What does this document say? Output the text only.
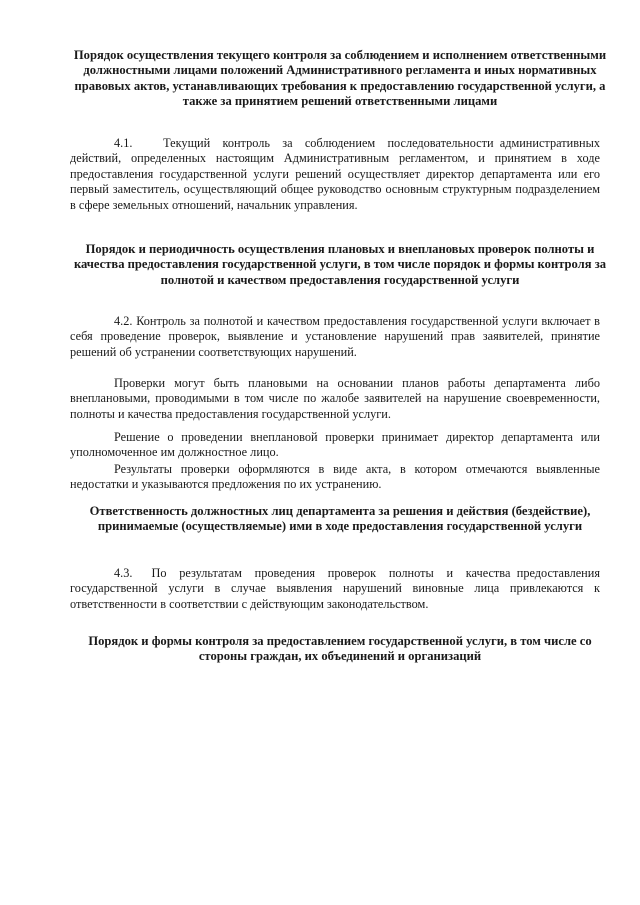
Порядок осуществления текущего контроля за соблюдением и исполнением ответственными должностными лицами положений Административного регламента и иных нормативных правовых актов, устанавливающих требования к предоставлению государственной услуги, а также за принятием решений ответственными лицами

4.1.     Текущий  контроль  за  соблюдением  последовательности административных действий, определенных настоящим Административным регламентом, и принятием в ходе предоставления государственной услуги решений осуществляет директор департамента или его первый заместитель, осуществляющий общее руководство основным структурным подразделением в сфере земельных отношений, начальник управления.

Порядок и периодичность осуществления плановых и внеплановых проверок полноты и качества предоставления государственной услуги, в том числе порядок и формы контроля за полнотой и качеством предоставления государственной услуги

4.2. Контроль за полнотой и качеством предоставления государственной услуги включает в себя проведение проверок, выявление и установление нарушений прав заявителей, принятие решений об устранении соответствующих нарушений.

Проверки могут быть плановыми на основании планов работы департамента либо внеплановыми, проводимыми в том числе по жалобе заявителей на нарушение своевременности, полноты и качества предоставления государственной услуги.

Решение о проведении внеплановой проверки принимает директор департамента или уполномоченное им должностное лицо.

Результаты проверки оформляются в виде акта, в котором отмечаются выявленные недостатки и указываются предложения по их устранению.

Ответственность должностных лиц департамента за решения и действия (бездействие), принимаемые (осуществляемые) ими в ходе предоставления государственной услуги

4.3.   По  результатам  проведения  проверок  полноты  и  качества предоставления государственной услуги в случае выявления нарушений виновные лица привлекаются к ответственности в соответствии с действующим законодательством.

Порядок и формы контроля за предоставлением государственной услуги, в том числе со стороны граждан, их объединений и организаций
